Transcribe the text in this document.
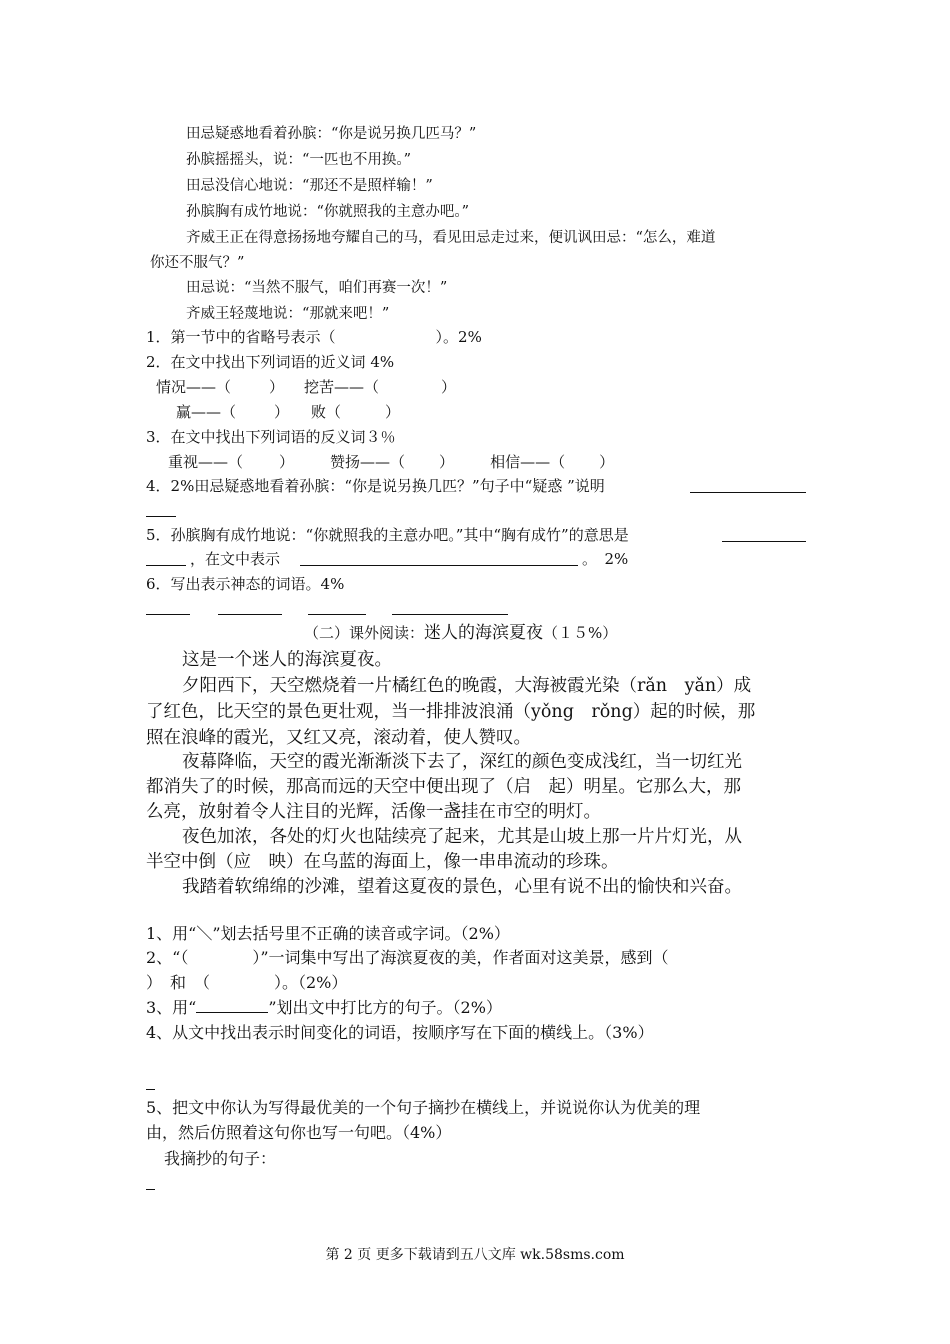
田忌疑惑地看着孙膑：“你是说另换几匹马？”
孙膑摇摇头，说：“一匹也不用换。”
田忌没信心地说：“那还不是照样输！”
孙膑胸有成竹地说：“你就照我的主意办吧。”
齐威王正在得意扬扬地夸耀自己的马，看见田忌走过来，便讥讽田忌：“怎么，难道
你还不服气？”
田忌说：“当然不服气，咱们再赛一次！”
齐威王轻蔑地说：“那就来吧！”
1．第一节中的省略号表示（	）。2%
2．在文中找出下列词语的近义词 4%
情况——（	） 挖苦——（	）
赢——（	） 败（	）
3．在文中找出下列词语的反义词３％
重视——（ ） 赞扬——（ ） 相信——（ ）
4．2%田忌疑惑地看着孙膑：“你是说另换几匹？”句子中“疑惑 ”说明
5．孙膑胸有成竹地说：“你就照我的主意办吧。”其中“胸有成竹”的意思是
，在文中表示	。　2%
6．写出表示神态的词语。4%
（二）课外阅读：迷人的海滨夏夜（１５%）
这是一个迷人的海滨夏夜。
夕阳西下，天空燃烧着一片橘红色的晚霞，大海被霞光染（rǎn　yǎn）成
了红色，比天空的景色更壮观，当一排排波浪涌（yǒng　rǒng）起的时候，那
照在浪峰的霞光，又红又亮，滚动着，使人赞叹。
夜幕降临，天空的霞光渐渐淡下去了，深红的颜色变成浅红，当一切红光
都消失了的时候，那高而远的天空中便出现了（启　起）明星。它那么大，那
么亮，放射着令人注目的光辉，活像一盏挂在市空的明灯。
夜色加浓，各处的灯火也陆续亮了起来，尤其是山坡上那一片片灯光，从
半空中倒（应　映）在乌蓝的海面上，像一串串流动的珍珠。
我踏着软绵绵的沙滩，望着这夏夜的景色，心里有说不出的愉快和兴奋。
1、用“＼”划去括号里不正确的读音或字词。（2%）
2、“（　　　　）”一词集中写出了海滨夏夜的美，作者面对这美景，感到（
）　和　（　　　　）。（2%）
3、用“	”划出文中打比方的句子。（2%）
4、从文中找出表示时间变化的词语，按顺序写在下面的横线上。（3%）
5、把文中你认为写得最优美的一个句子摘抄在横线上，并说说你认为优美的理
由，然后仿照着这句你也写一句吧。（4%）
我摘抄的句子：
第 2 页 更多下载请到五八文库 wk.58sms.com
